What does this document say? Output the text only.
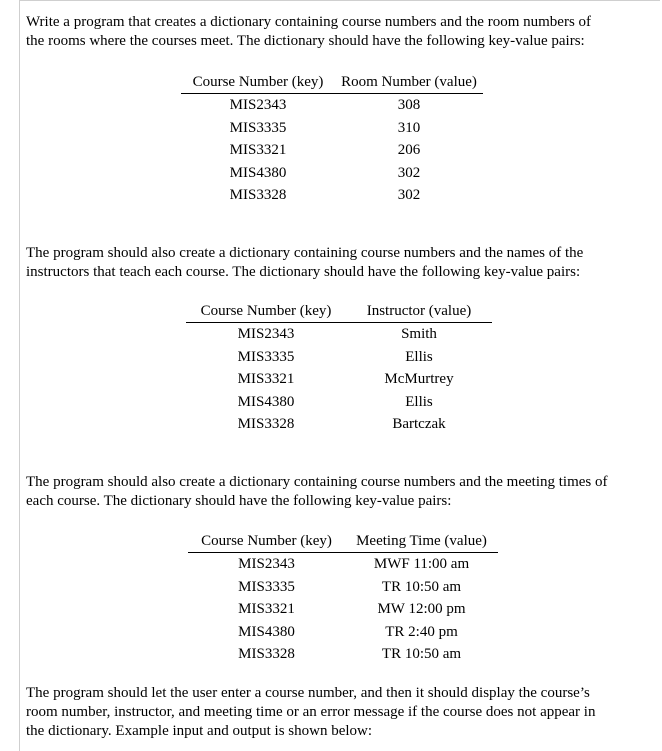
Write a program that creates a dictionary containing course numbers and the room numbers of
the rooms where the courses meet. The dictionary should have the following key-value pairs:

Course Number (key)	Room Number (value)
MIS2343	308
MIS3335	310
MIS3321	206
MIS4380	302
MIS3328	302

The program should also create a dictionary containing course numbers and the names of the
instructors that teach each course. The dictionary should have the following key-value pairs:

Course Number (key)	Instructor (value)
MIS2343	Smith
MIS3335	Ellis
MIS3321	McMurtrey
MIS4380	Ellis
MIS3328	Bartczak

The program should also create a dictionary containing course numbers and the meeting times of
each course. The dictionary should have the following key-value pairs:

Course Number (key)	Meeting Time (value)
MIS2343	MWF 11:00 am
MIS3335	TR 10:50 am
MIS3321	MW 12:00 pm
MIS4380	TR 2:40 pm
MIS3328	TR 10:50 am

The program should let the user enter a course number, and then it should display the course’s
room number, instructor, and meeting time or an error message if the course does not appear in
the dictionary. Example input and output is shown below:
